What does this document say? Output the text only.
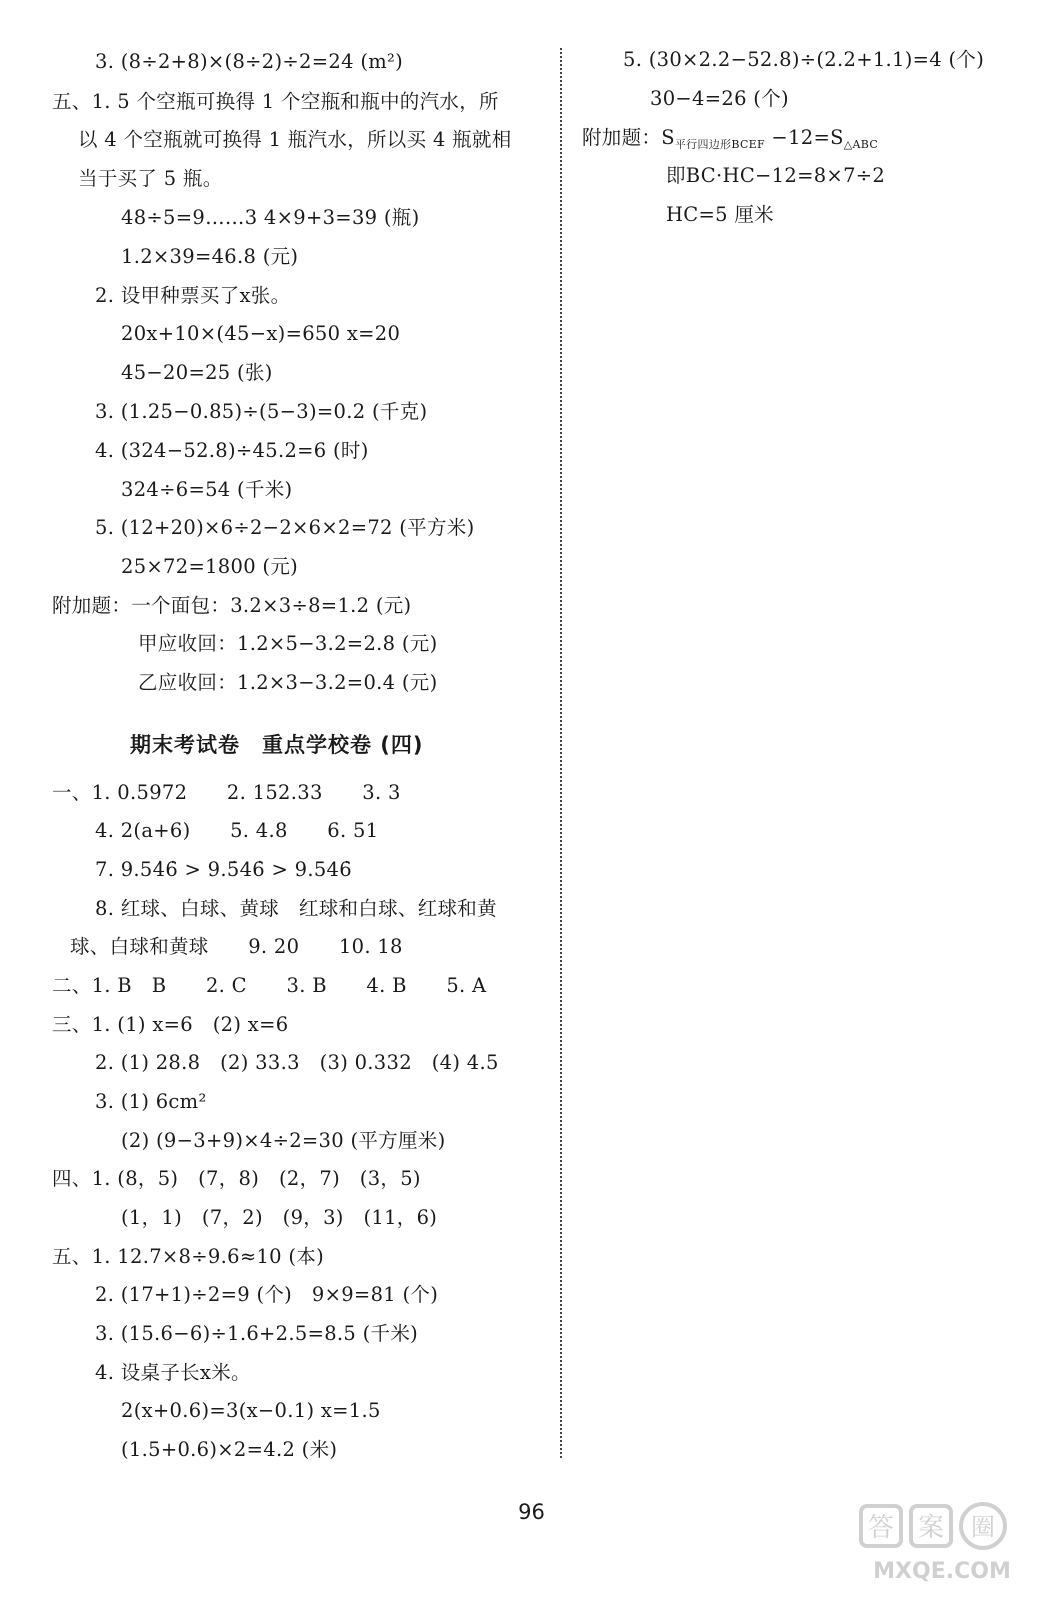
3. (8÷2+8)×(8÷2)÷2=24 (m²)
五、1. 5 个空瓶可换得 1 个空瓶和瓶中的汽水，所
以 4 个空瓶就可换得 1 瓶汽水，所以买 4 瓶就相
当于买了 5 瓶。
48÷5=9……3 4×9+3=39 (瓶)
1.2×39=46.8 (元)
2. 设甲种票买了x张。
20x+10×(45−x)=650 x=20
45−20=25 (张)
3. (1.25−0.85)÷(5−3)=0.2 (千克)
4. (324−52.8)÷45.2=6 (时)
324÷6=54 (千米)
5. (12+20)×6÷2−2×6×2=72 (平方米)
25×72=1800 (元)
附加题：一个面包：3.2×3÷8=1.2 (元)
甲应收回：1.2×5−3.2=2.8 (元)
乙应收回：1.2×3−3.2=0.4 (元)
期末考试卷　重点学校卷 (四)
一、1. 0.5972　　2. 152.33　　3. 3
4. 2(a+6)　　5. 4.8　　6. 51
7. 9.54̇6̇ > 9.5̇46̇ > 9.546̇
8. 红球、白球、黄球　红球和白球、红球和黄
球、白球和黄球　　9. 20　　10. 18
二、1. B　B　　2. C　　3. B　　4. B　　5. A
三、1. (1) x=6　(2) x=6
2. (1) 28.8　(2) 33.3　(3) 0.332　(4) 4.5
3. (1) 6cm²
(2) (9−3+9)×4÷2=30 (平方厘米)
四、1. (8，5)　(7，8)　(2，7)　(3，5)
(1，1)　(7，2)　(9，3)　(11，6)
五、1. 12.7×8÷9.6≈10 (本)
2. (17+1)÷2=9 (个)　9×9=81 (个)
3. (15.6−6)÷1.6+2.5=8.5 (千米)
4. 设桌子长x米。
2(x+0.6)=3(x−0.1) x=1.5
(1.5+0.6)×2=4.2 (米)
5. (30×2.2−52.8)÷(2.2+1.1)=4 (个)
30−4=26 (个)
附加题：$S_{平行四边形BCEF} -12=S_{\triangle ABC}$
即BC·HC−12=8×7÷2
HC=5 厘米
96
答 案 圈
MXQE.COM
